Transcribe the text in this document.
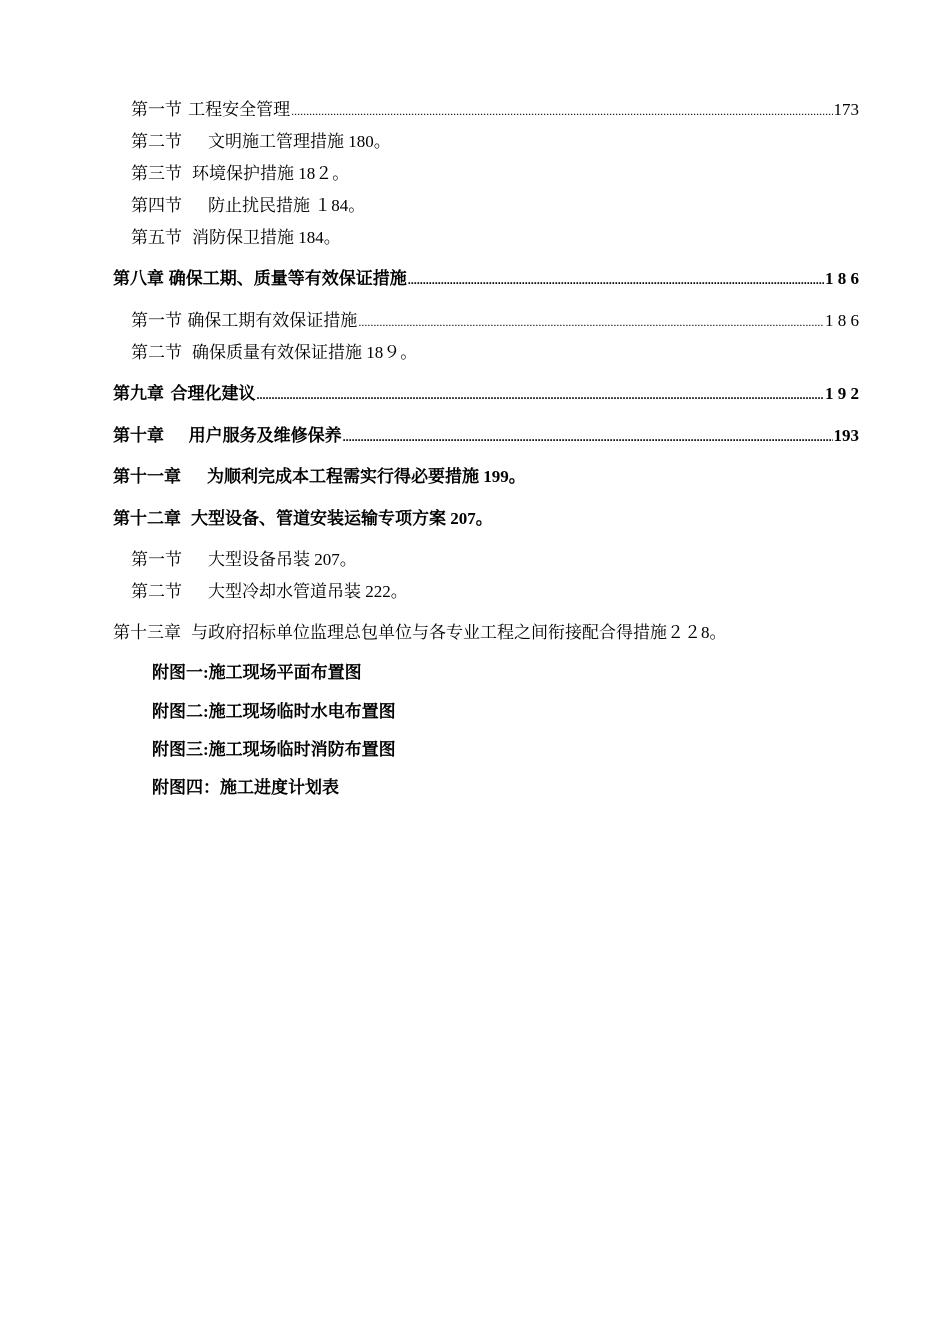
第一节 工程安全管理 .....	173
第二节 文明施工管理措施 180。
第三节 环境保护措施 18２。
第四节 防止扰民措施 １84。
第五节 消防保卫措施 184。
第八章 确保工期、质量等有效保证措施 .....	1 8 6
第一节 确保工期有效保证措施 .....	1 8 6
第二节 确保质量有效保证措施 18９。
第九章 合理化建议 .....	1 9 2
第十章 用户服务及维修保养 .....	193
第十一章 为顺利完成本工程需实行得必要措施 199。
第十二章 大型设备、管道安装运输专项方案 207。
第一节 大型设备吊装 207。
第二节 大型冷却水管道吊装 222。
第十三章 与政府招标单位监理总包单位与各专业工程之间衔接配合得措施２２8。
附图一:施工现场平面布置图
附图二:施工现场临时水电布置图
附图三:施工现场临时消防布置图
附图四：施工进度计划表
